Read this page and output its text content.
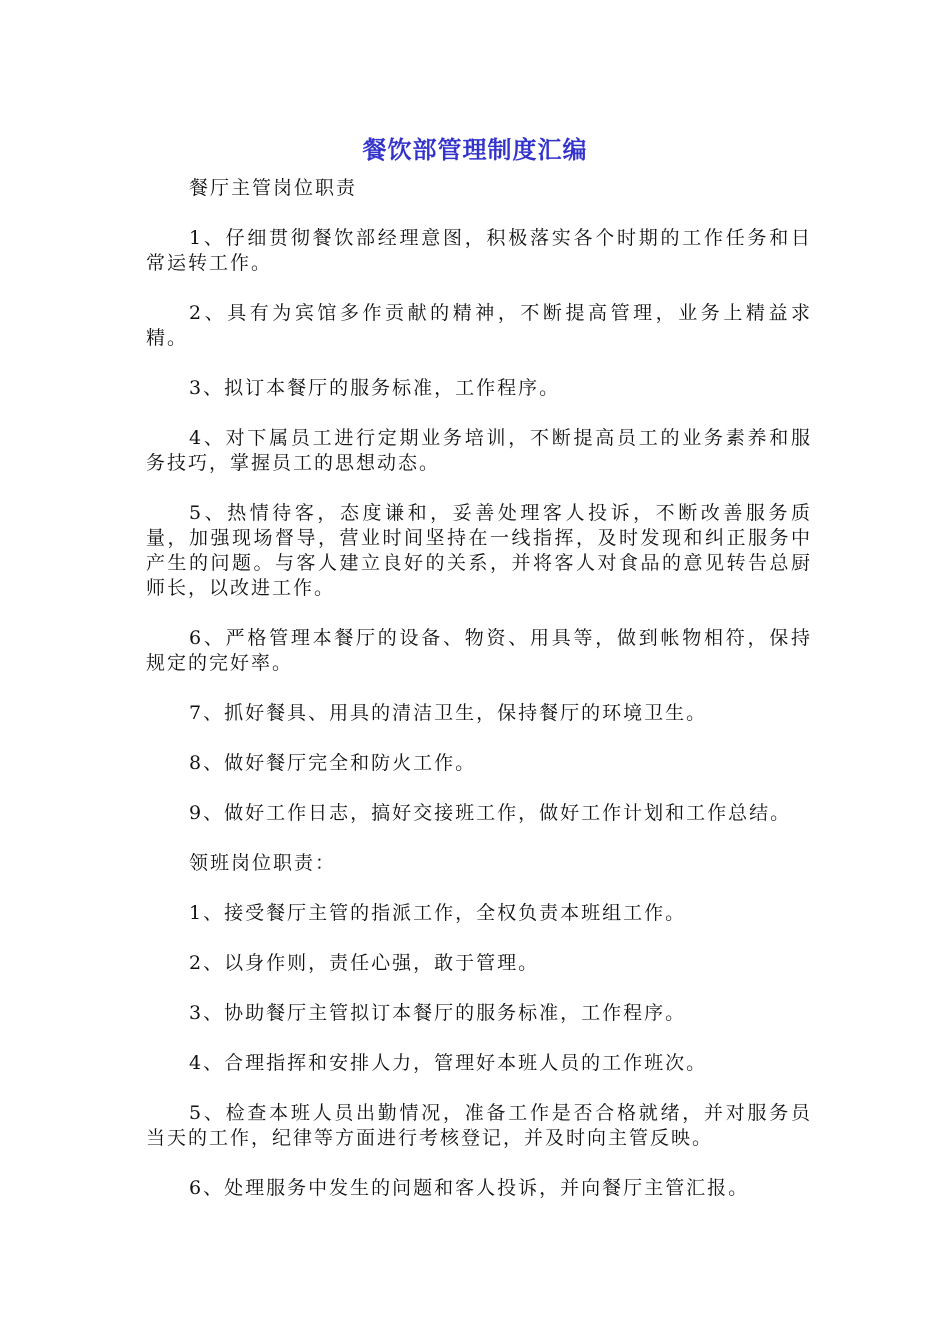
餐饮部管理制度汇编

餐厅主管岗位职责

1、仔细贯彻餐饮部经理意图，积极落实各个时期的工作任务和日常运转工作。

2、具有为宾馆多作贡献的精神，不断提高管理，业务上精益求精。

3、拟订本餐厅的服务标准，工作程序。

4、对下属员工进行定期业务培训，不断提高员工的业务素养和服务技巧，掌握员工的思想动态。

5、热情待客，态度谦和，妥善处理客人投诉，不断改善服务质量，加强现场督导，营业时间坚持在一线指挥，及时发现和纠正服务中产生的问题。与客人建立良好的关系，并将客人对食品的意见转告总厨师长，以改进工作。

6、严格管理本餐厅的设备、物资、用具等，做到帐物相符，保持规定的完好率。

7、抓好餐具、用具的清洁卫生，保持餐厅的环境卫生。

8、做好餐厅完全和防火工作。

9、做好工作日志，搞好交接班工作，做好工作计划和工作总结。

领班岗位职责：

1、接受餐厅主管的指派工作，全权负责本班组工作。

2、以身作则，责任心强，敢于管理。

3、协助餐厅主管拟订本餐厅的服务标准，工作程序。

4、合理指挥和安排人力，管理好本班人员的工作班次。

5、检查本班人员出勤情况，准备工作是否合格就绪，并对服务员当天的工作，纪律等方面进行考核登记，并及时向主管反映。

6、处理服务中发生的问题和客人投诉，并向餐厅主管汇报。
